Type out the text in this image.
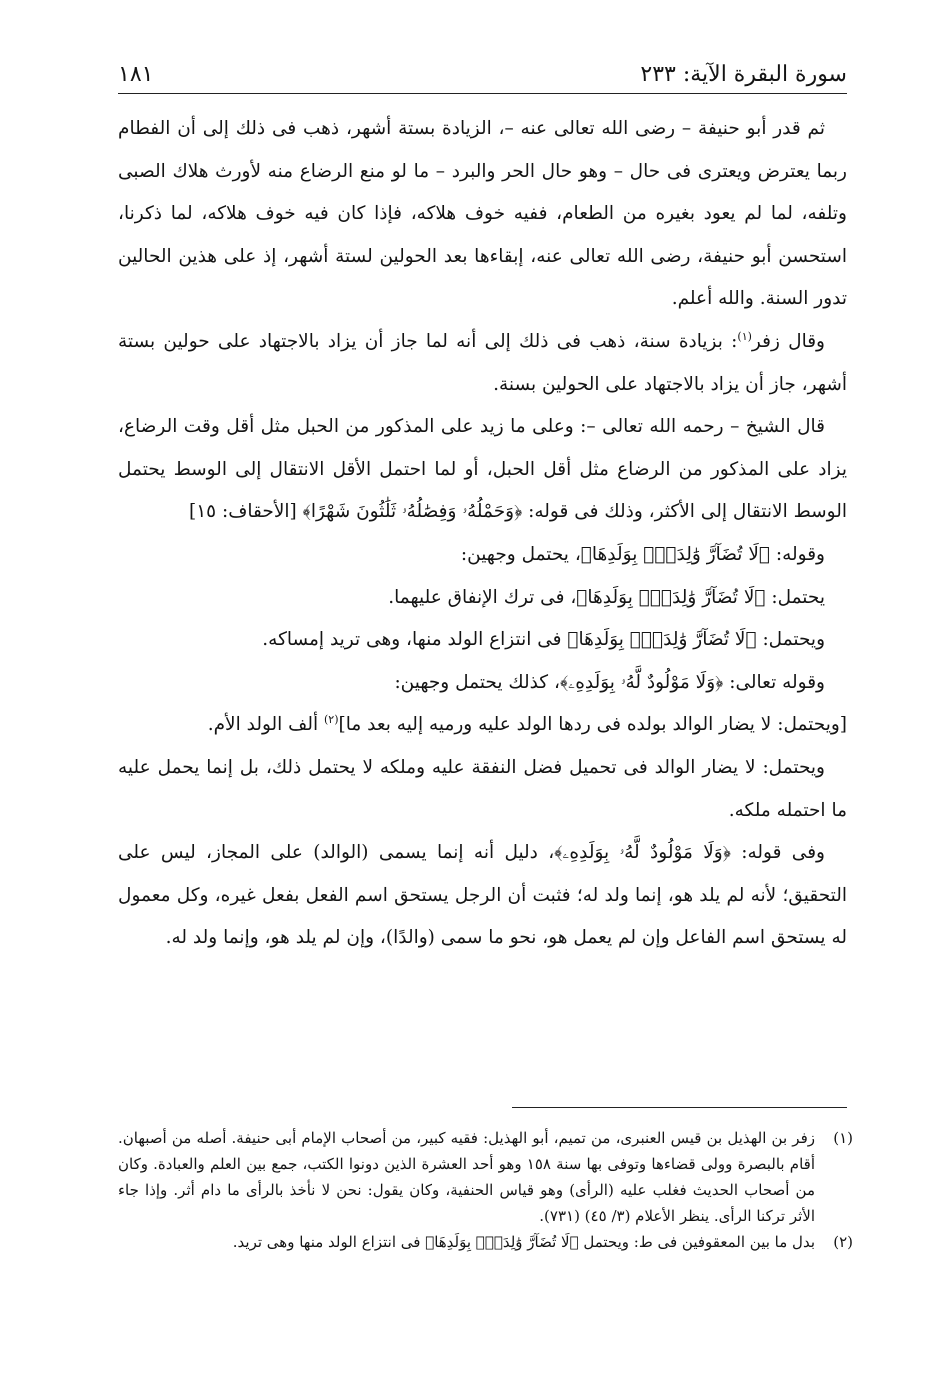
سورة البقرة الآية: ٢٣٣
١٨١

ثم قدر أبو حنيفة – رضى الله تعالى عنه –، الزيادة بستة أشهر، ذهب فى ذلك إلى أن الفطام ربما يعترض ويعترى فى حال – وهو حال الحر والبرد – ما لو منع الرضاع منه لأورث هلاك الصبى وتلفه، لما لم يعود بغيره من الطعام، ففيه خوف هلاكه، فإذا كان فيه خوف هلاكه، لما ذكرنا، استحسن أبو حنيفة، رضى الله تعالى عنه، إبقاءها بعد الحولين لستة أشهر، إذ على هذين الحالين تدور السنة. والله أعلم.

وقال زفر$^{(١)}$: بزيادة سنة، ذهب فى ذلك إلى أنه لما جاز أن يزاد بالاجتهاد على حولين بستة أشهر، جاز أن يزاد بالاجتهاد على الحولين بسنة.

قال الشيخ – رحمه الله تعالى –: وعلى ما زيد على المذكور من الحبل مثل أقل وقت الرضاع، يزاد على المذكور من الرضاع مثل أقل الحبل، أو لما احتمل الأقل الانتقال إلى الوسط يحتمل الوسط الانتقال إلى الأكثر، وذلك فى قوله: ﴿وَحَمْلُهُۥ وَفِصَٰلُهُۥ ثَلَٰثُونَ شَهْرًا﴾ [الأحقاف: ١٥]

وقوله: ﴿لَا تُضَآرَّ وَٰلِدَةٌۢ بِوَلَدِهَا﴾، يحتمل وجهين:

يحتمل: ﴿لَا تُضَآرَّ وَٰلِدَةٌۢ بِوَلَدِهَا﴾، فى ترك الإنفاق عليهما.

ويحتمل: ﴿لَا تُضَآرَّ وَٰلِدَةٌۢ بِوَلَدِهَا﴾ فى انتزاع الولد منها، وهى تريد إمساكه.

وقوله تعالى: ﴿وَلَا مَوْلُودٌ لَّهُۥ بِوَلَدِهِۦ﴾، كذلك يحتمل وجهين:

[ويحتمل: لا يضار الوالد بولده فى ردها الولد عليه ورميه إليه بعد ما]$^{(٢)}$ ألف الولد الأم.

ويحتمل: لا يضار الوالد فى تحميل فضل النفقة عليه وملكه لا يحتمل ذلك، بل إنما يحمل عليه ما احتمله ملكه.

وفى قوله: ﴿وَلَا مَوْلُودٌ لَّهُۥ بِوَلَدِهِۦ﴾، دليل أنه إنما يسمى (الوالد) على المجاز، ليس على التحقيق؛ لأنه لم يلد هو، إنما ولد له؛ فثبت أن الرجل يستحق اسم الفعل بفعل غيره، وكل معمول له يستحق اسم الفاعل وإن لم يعمل هو، نحو ما سمى (والدًا)، وإن لم يلد هو، وإنما ولد له.

(١)
زفر بن الهذيل بن قيس العنبرى، من تميم، أبو الهذيل: فقيه كبير، من أصحاب الإمام أبى حنيفة. أصله من أصبهان. أقام بالبصرة وولى قضاءها وتوفى بها سنة ١٥٨ وهو أحد العشرة الذين دونوا الكتب، جمع بين العلم والعبادة. وكان من أصحاب الحديث فغلب عليه (الرأى) وهو قياس الحنفية، وكان يقول: نحن لا نأخذ بالرأى ما دام أثر. وإذا جاء الأثر تركنا الرأى. ينظر الأعلام (٣/ ٤٥) (٧٣١).
(٢)
بدل ما بين المعقوفين فى ط: ويحتمل ﴿لَا تُضَآرَّ وَٰلِدَةٌۢ بِوَلَدِهَا﴾ فى انتزاع الولد منها وهى تريد.
